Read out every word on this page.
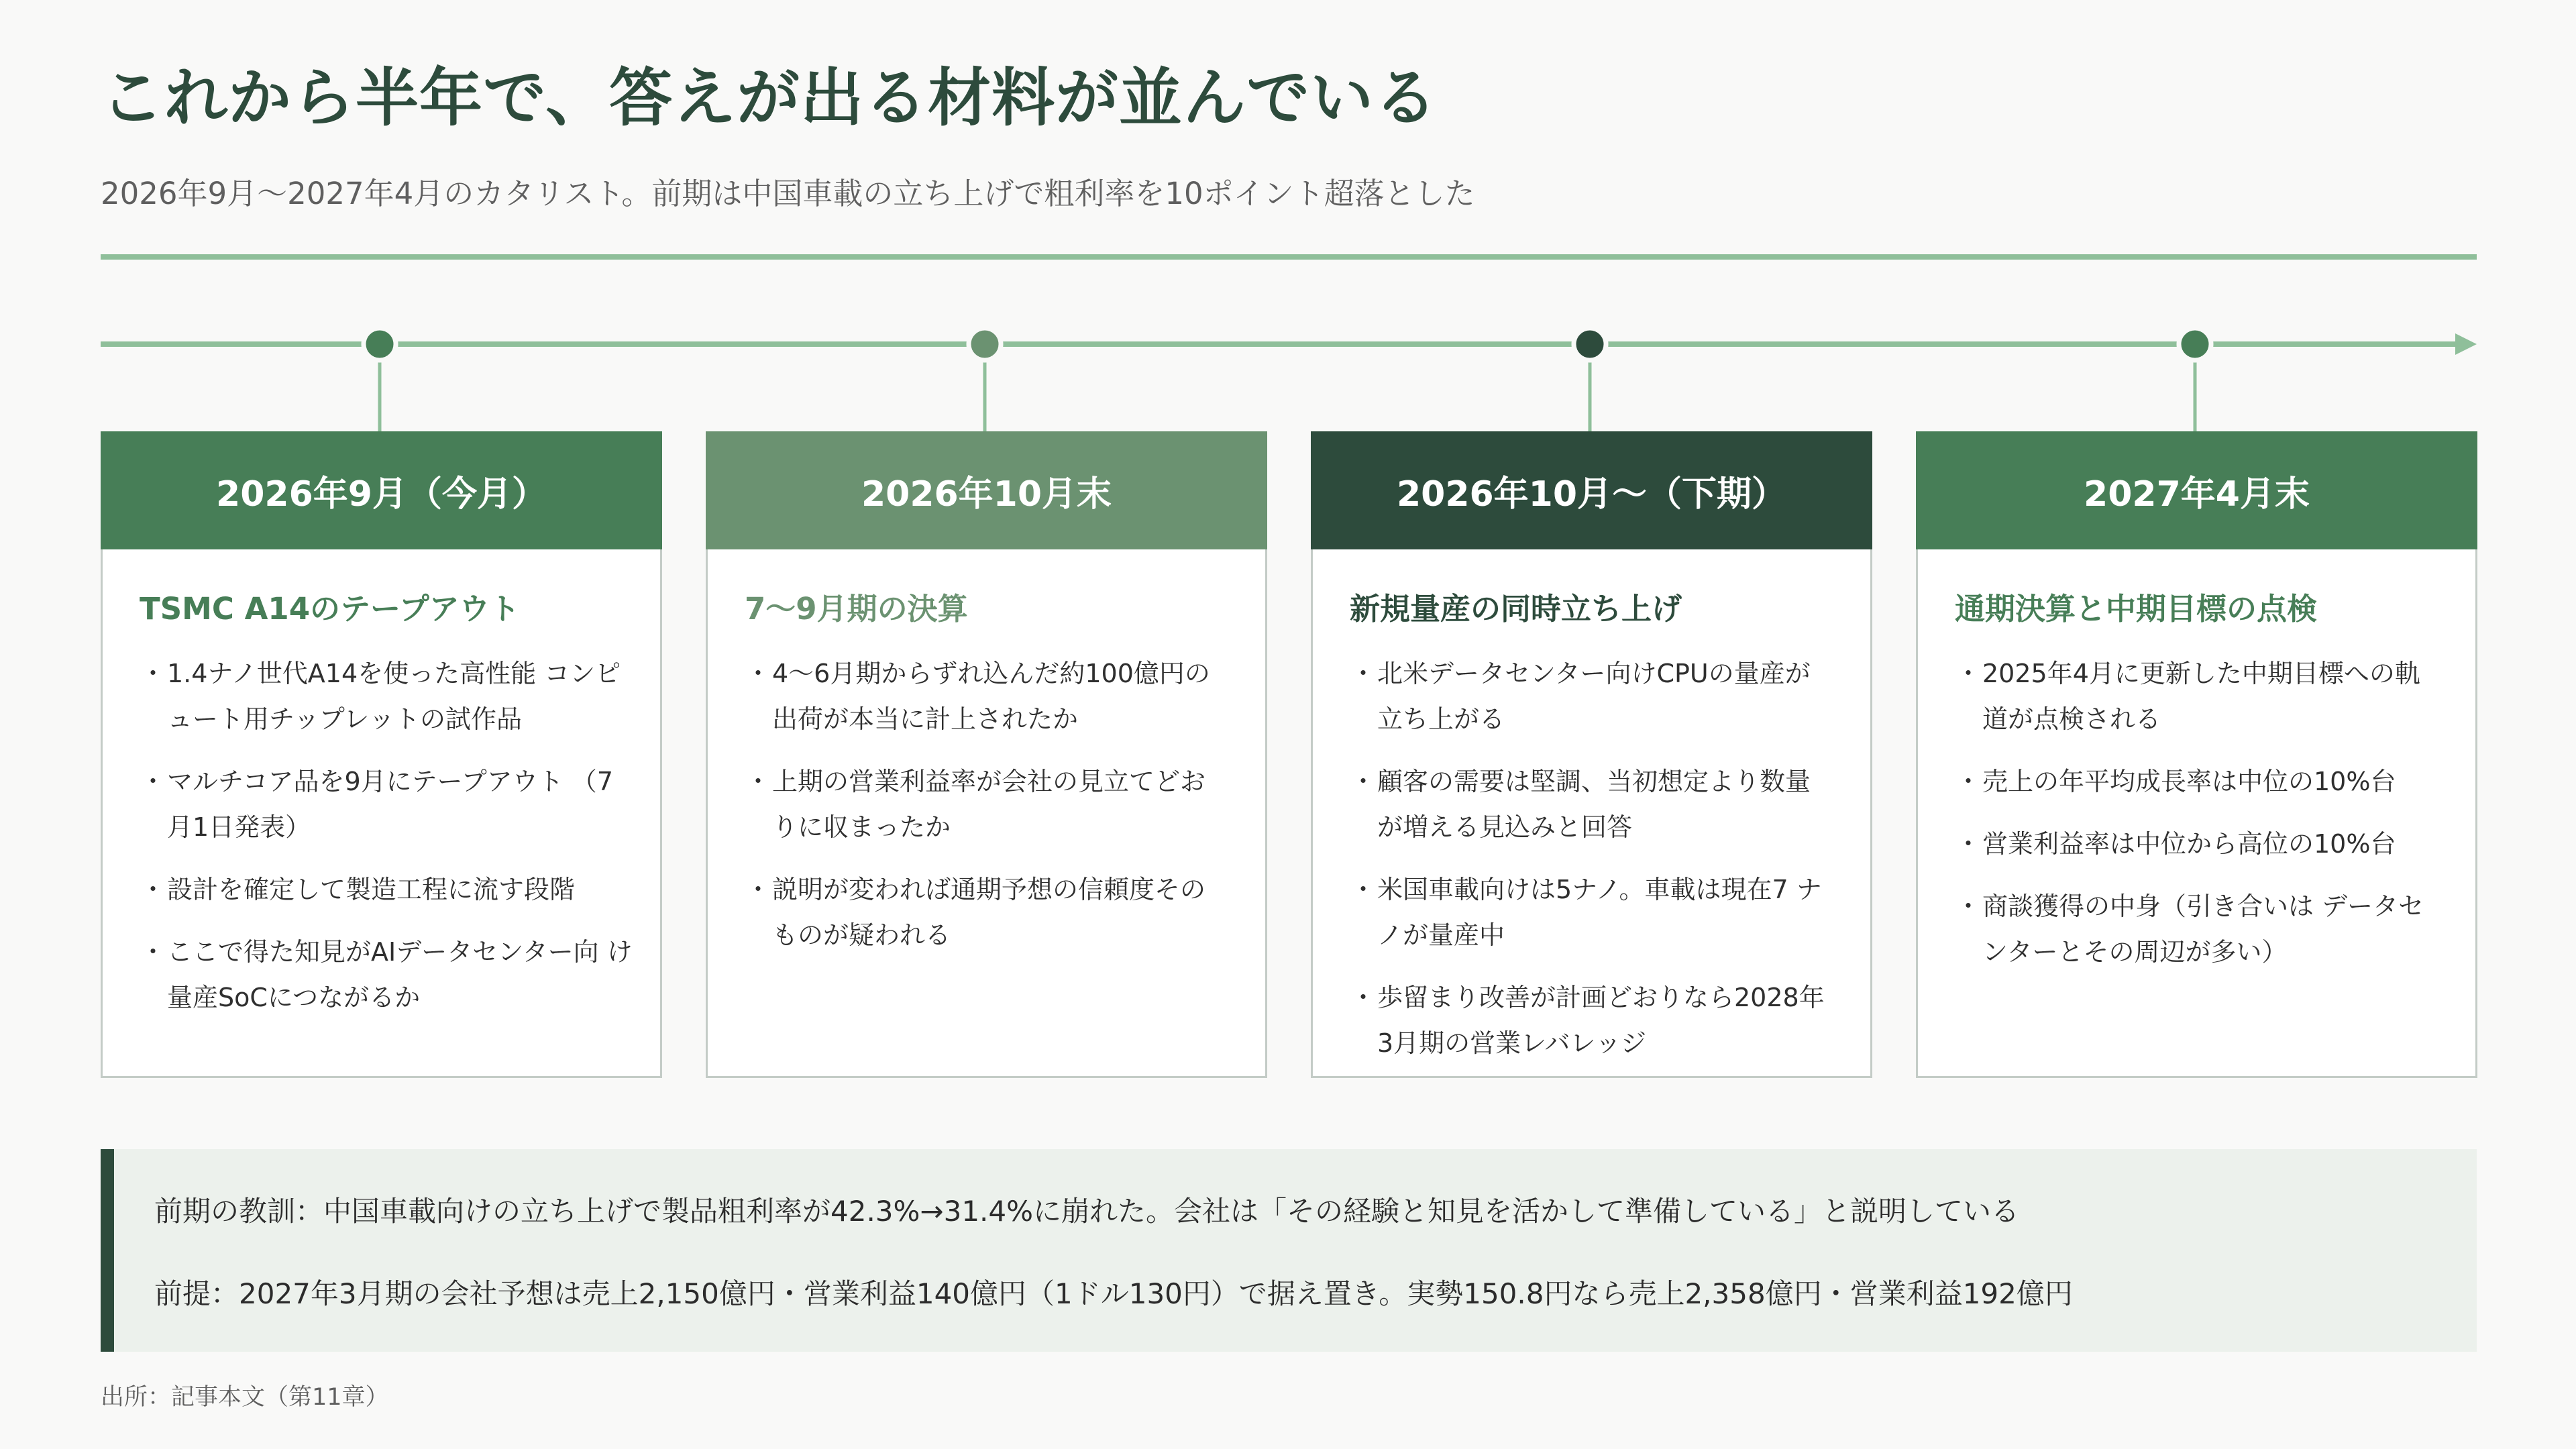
これから半年で、答えが出る材料が並んでいる

2026年9月〜2027年4月のカタリスト。前期は中国車載の立ち上げで粗利率を10ポイント超落とした

2026年9月（今月）
TSMC A14のテープアウト
・ 1.4ナノ世代A14を使った高性能 コンピュート用チップレットの試作品
・ マルチコア品を9月にテープアウト （7月1日発表）
・ 設計を確定して製造工程に流す段階
・ ここで得た知見がAIデータセンター向 け量産SoCにつながるか
2026年10月末
7〜9月期の決算
・ 4〜6月期からずれ込んだ約100億円の 出荷が本当に計上されたか
・ 上期の営業利益率が会社の見立てどお りに収まったか
・ 説明が変われば通期予想の信頼度その ものが疑われる
2026年10月〜（下期）
新規量産の同時立ち上げ
・ 北米データセンター向けCPUの量産が 立ち上がる
・ 顧客の需要は堅調、当初想定より数量 が増える見込みと回答
・ 米国車載向けは5ナノ。車載は現在7 ナノが量産中
・ 歩留まり改善が計画どおりなら2028年 3月期の営業レバレッジ
2027年4月末
通期決算と中期目標の点検
・ 2025年4月に更新した中期目標への軌 道が点検される
・ 売上の年平均成長率は中位の10%台
・ 営業利益率は中位から高位の10%台
・ 商談獲得の中身（引き合いは データセンターとその周辺が多い）
前期の教訓：中国車載向けの立ち上げで製品粗利率が42.3%→31.4%に崩れた。会社は「その経験と知見を活かして準備している」と説明している
前提：2027年3月期の会社予想は売上2,150億円・営業利益140億円（1ドル130円）で据え置き。実勢150.8円なら売上2,358億円・営業利益192億円

出所：記事本文（第11章）
